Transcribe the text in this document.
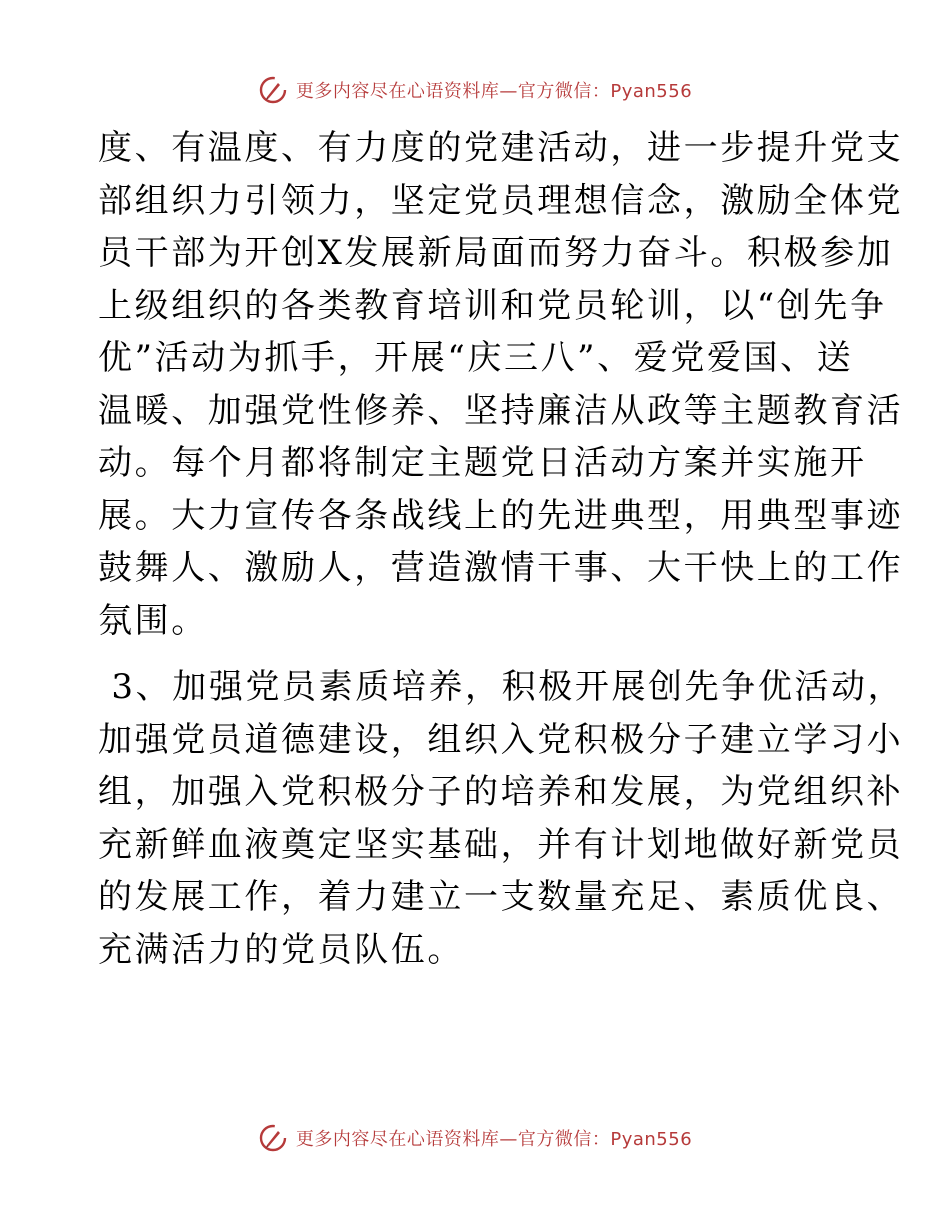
更多内容尽在心语资料库—官方微信：Pyan556

度、有温度、有力度的党建活动，进一步提升党支
部组织力引领力，坚定党员理想信念，激励全体党
员干部为开创X发展新局面而努力奋斗。积极参加
上级组织的各类教育培训和党员轮训，以“创先争
优”活动为抓手，开展“庆三八”、爱党爱国、送
温暖、加强党性修养、坚持廉洁从政等主题教育活
动。每个月都将制定主题党日活动方案并实施开
展。大力宣传各条战线上的先进典型，用典型事迹
鼓舞人、激励人，营造激情干事、大干快上的工作
氛围。

3、加强党员素质培养，积极开展创先争优活动，
加强党员道德建设，组织入党积极分子建立学习小
组，加强入党积极分子的培养和发展，为党组织补
充新鲜血液奠定坚实基础，并有计划地做好新党员
的发展工作，着力建立一支数量充足、素质优良、
充满活力的党员队伍。

更多内容尽在心语资料库—官方微信：Pyan556
